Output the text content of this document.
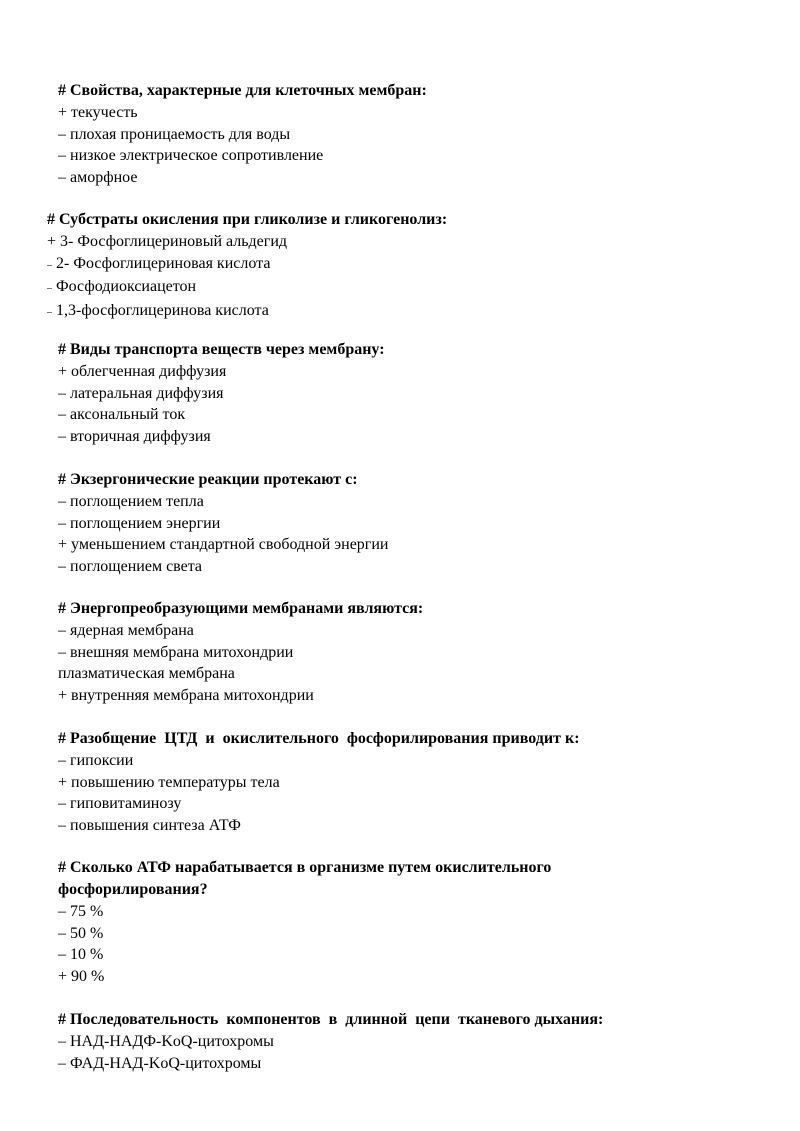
# Свойства, характерные для клеточных мембран:

+ текучесть

– плохая проницаемость для воды

– низкое электрическое сопротивление

– аморфное

# Субстраты окисления при гликолизе и гликогенолиз:

+ 3- Фосфоглицериновый альдегид

– 2- Фосфоглицериновая кислота

– Фосфодиоксиацетон

– 1,3-фосфоглицеринова кислота

# Виды транспорта веществ через мембрану:

+ облегченная диффузия

– латеральная диффузия

– аксональный ток

– вторичная диффузия

# Экзергонические реакции протекают с:

– поглощением тепла

– поглощением энергии

+ уменьшением стандартной свободной энергии

– поглощением света

# Энергопреобразующими мембранами являются:

– ядерная мембрана

– внешняя мембрана митохондрии

плазматическая мембрана

+ внутренняя мембрана митохондрии

# Разобщение  ЦТД  и  окислительного  фосфорилирования приводит к:

– гипоксии

+ повышению температуры тела

– гиповитаминозу

– повышения синтеза АТФ

# Сколько АТФ нарабатывается в организме путем окислительного фосфорилирования?

– 75 %

– 50 %

– 10 %

+ 90 %

# Последовательность  компонентов  в  длинной  цепи  тканевого дыхания:

– НАД-НАДФ-KoQ-цитохромы

– ФАД-НАД-KoQ-цитохромы
